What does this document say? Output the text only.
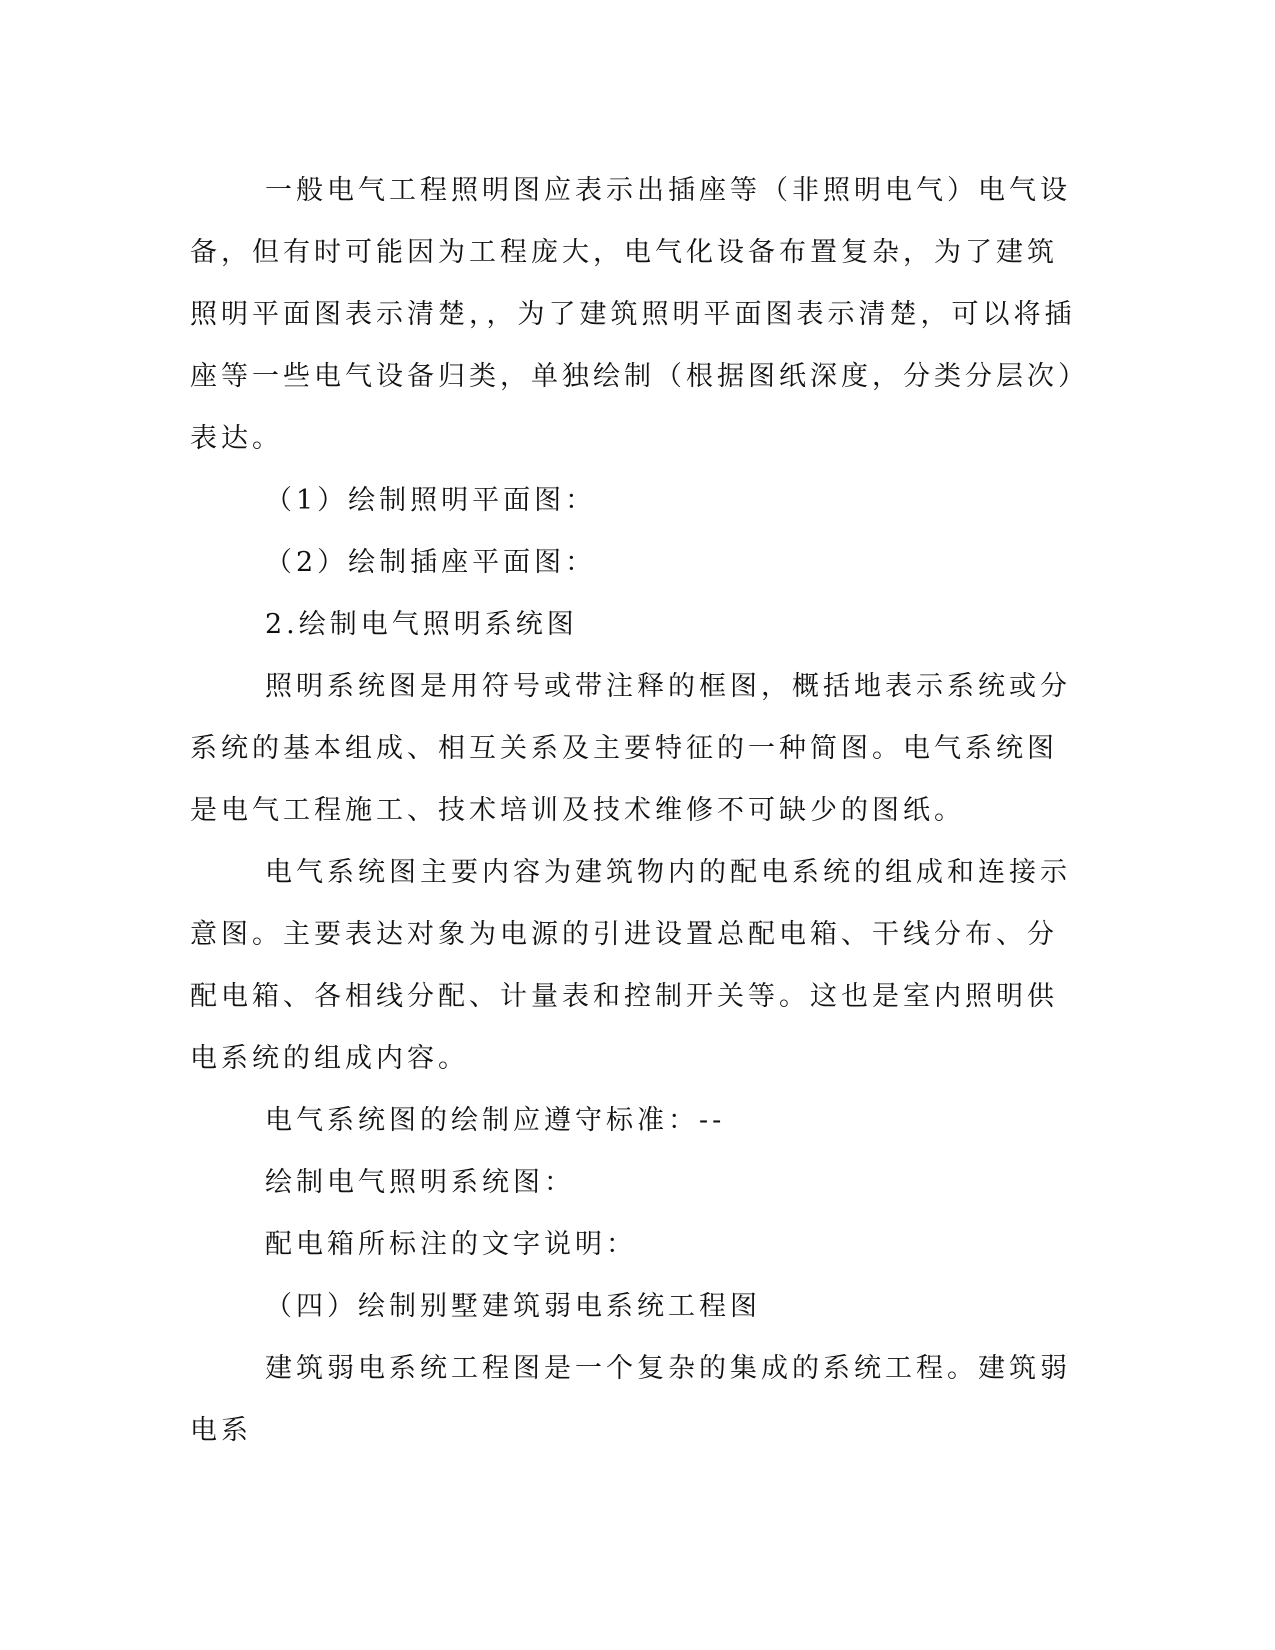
一般电气工程照明图应表示出插座等（非照明电气）电气设备，但有时可能因为工程庞大，电气化设备布置复杂，为了建筑照明平面图表示清楚，，为了建筑照明平面图表示清楚，可以将插座等一些电气设备归类，单独绘制（根据图纸深度，分类分层次）表达。

（1）绘制照明平面图：

（2）绘制插座平面图：

2.绘制电气照明系统图

照明系统图是用符号或带注释的框图，概括地表示系统或分系统的基本组成、相互关系及主要特征的一种简图。电气系统图是电气工程施工、技术培训及技术维修不可缺少的图纸。

电气系统图主要内容为建筑物内的配电系统的组成和连接示意图。主要表达对象为电源的引进设置总配电箱、干线分布、分配电箱、各相线分配、计量表和控制开关等。这也是室内照明供电系统的组成内容。

电气系统图的绘制应遵守标准：--

绘制电气照明系统图：

配电箱所标注的文字说明：

（四）绘制别墅建筑弱电系统工程图

建筑弱电系统工程图是一个复杂的集成的系统工程。建筑弱电系
